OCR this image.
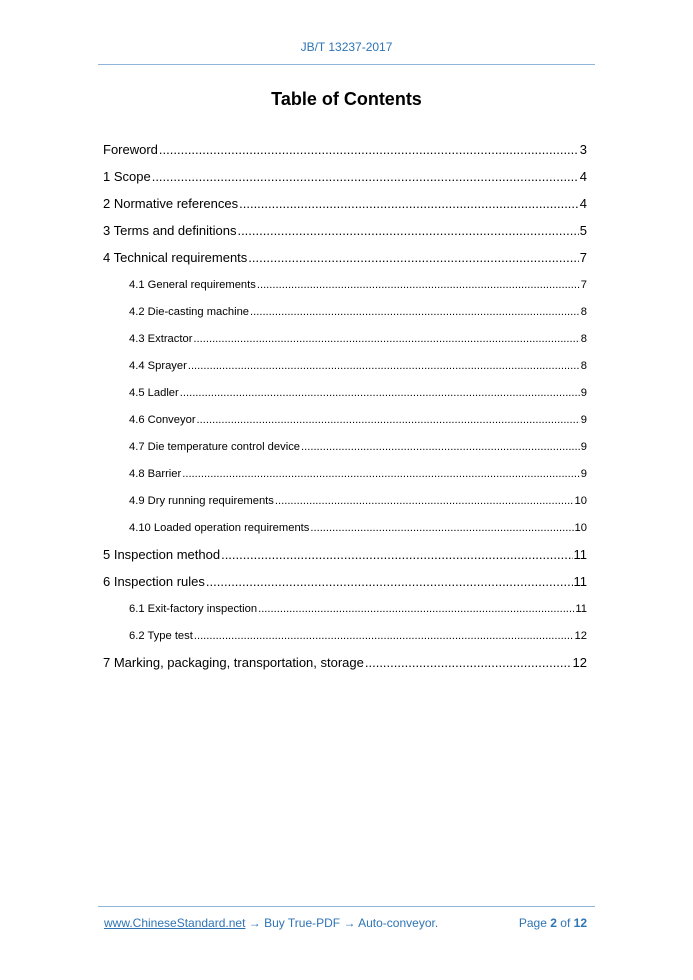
JB/T 13237-2017
Table of Contents
Foreword .....	3
1 Scope .....	4
2 Normative references .....	4
3 Terms and definitions .....	5
4 Technical requirements .....	7
4.1 General requirements .....	7
4.2 Die-casting machine .....	8
4.3 Extractor .....	8
4.4 Sprayer .....	8
4.5 Ladler .....	9
4.6 Conveyor .....	9
4.7 Die temperature control device .....	9
4.8 Barrier .....	9
4.9 Dry running requirements .....	10
4.10 Loaded operation requirements .....	10
5 Inspection method .....	11
6 Inspection rules .....	11
6.1 Exit-factory inspection .....	11
6.2 Type test .....	12
7 Marking, packaging, transportation, storage .....	12
www.ChineseStandard.net → Buy True-PDF → Auto-conveyor.	Page 2 of 12
